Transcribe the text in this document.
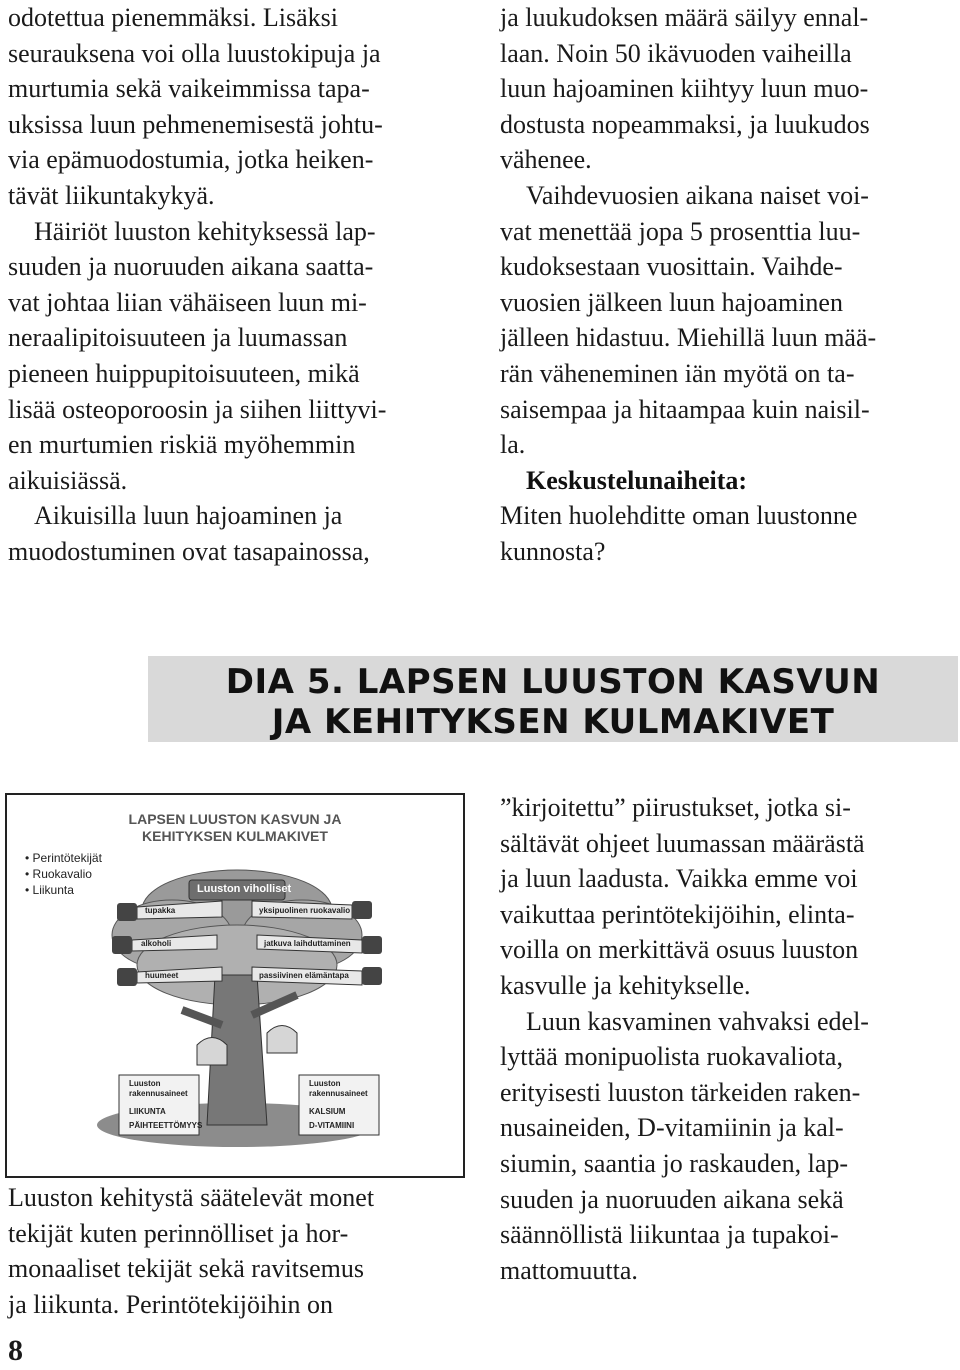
odotettua pienemmäksi. Lisäksi
seurauksena voi olla luustokipuja ja
murtumia sekä vaikeimmissa tapa-
uksissa luun pehmenemisestä johtu-
via epämuodostumia, jotka heiken-
tävät liikuntakykyä.
Häiriöt luuston kehityksessä lap-
suuden ja nuoruuden aikana saatta-
vat johtaa liian vähäiseen luun mi-
neraalipitoisuuteen ja luumassan
pieneen huippupitoisuuteen, mikä
lisää osteoporoosin ja siihen liittyvi-
en murtumien riskiä myöhemmin
aikuisiässä.
Aikuisilla luun hajoaminen ja
muodostuminen ovat tasapainossa,
ja luukudoksen määrä säilyy ennal-
laan. Noin 50 ikävuoden vaiheilla
luun hajoaminen kiihtyy luun muo-
dostusta nopeammaksi, ja luukudos
vähenee.
Vaihdevuosien aikana naiset voi-
vat menettää jopa 5 prosenttia luu-
kudoksestaan vuosittain. Vaihde-
vuosien jälkeen luun hajoaminen
jälleen hidastuu. Miehillä luun mää-
rän väheneminen iän myötä on ta-
saisempaa ja hitaampaa kuin naisil-
la.
Keskustelunaiheita:
Miten huolehditte oman luustonne
kunnosta?
DIA 5. LAPSEN LUUSTON KASVUN
JA KEHITYKSEN KULMAKIVET
LAPSEN LUUSTON KASVUN JA
KEHITYKSEN KULMAKIVET
• Perintötekijät
• Ruokavalio
• Liikunta	Luuston viholliset
tupakka	yksipuolinen ruokavalio
alkoholi	jatkuva laihduttaminen
huumeet	passiivinen elämäntapa
Luuston
rakennusaineet
LIIKUNTA
PÄIHTEETTÖMYYS
Luuston
rakennusaineet
KALSIUM
D-VITAMIINI
Luuston kehitystä säätelevät monet
tekijät kuten perinnölliset ja hor-
monaaliset tekijät sekä ravitsemus
ja liikunta. Perintötekijöihin on
”kirjoitettu” piirustukset, jotka si-
sältävät ohjeet luumassan määrästä
ja luun laadusta. Vaikka emme voi
vaikuttaa perintötekijöihin, elinta-
voilla on merkittävä osuus luuston
kasvulle ja kehitykselle.
Luun kasvaminen vahvaksi edel-
lyttää monipuolista ruokavaliota,
erityisesti luuston tärkeiden raken-
nusaineiden, D-vitamiinin ja kal-
siumin, saantia jo raskauden, lap-
suuden ja nuoruuden aikana sekä
säännöllistä liikuntaa ja tupakoi-
mattomuutta.
8
